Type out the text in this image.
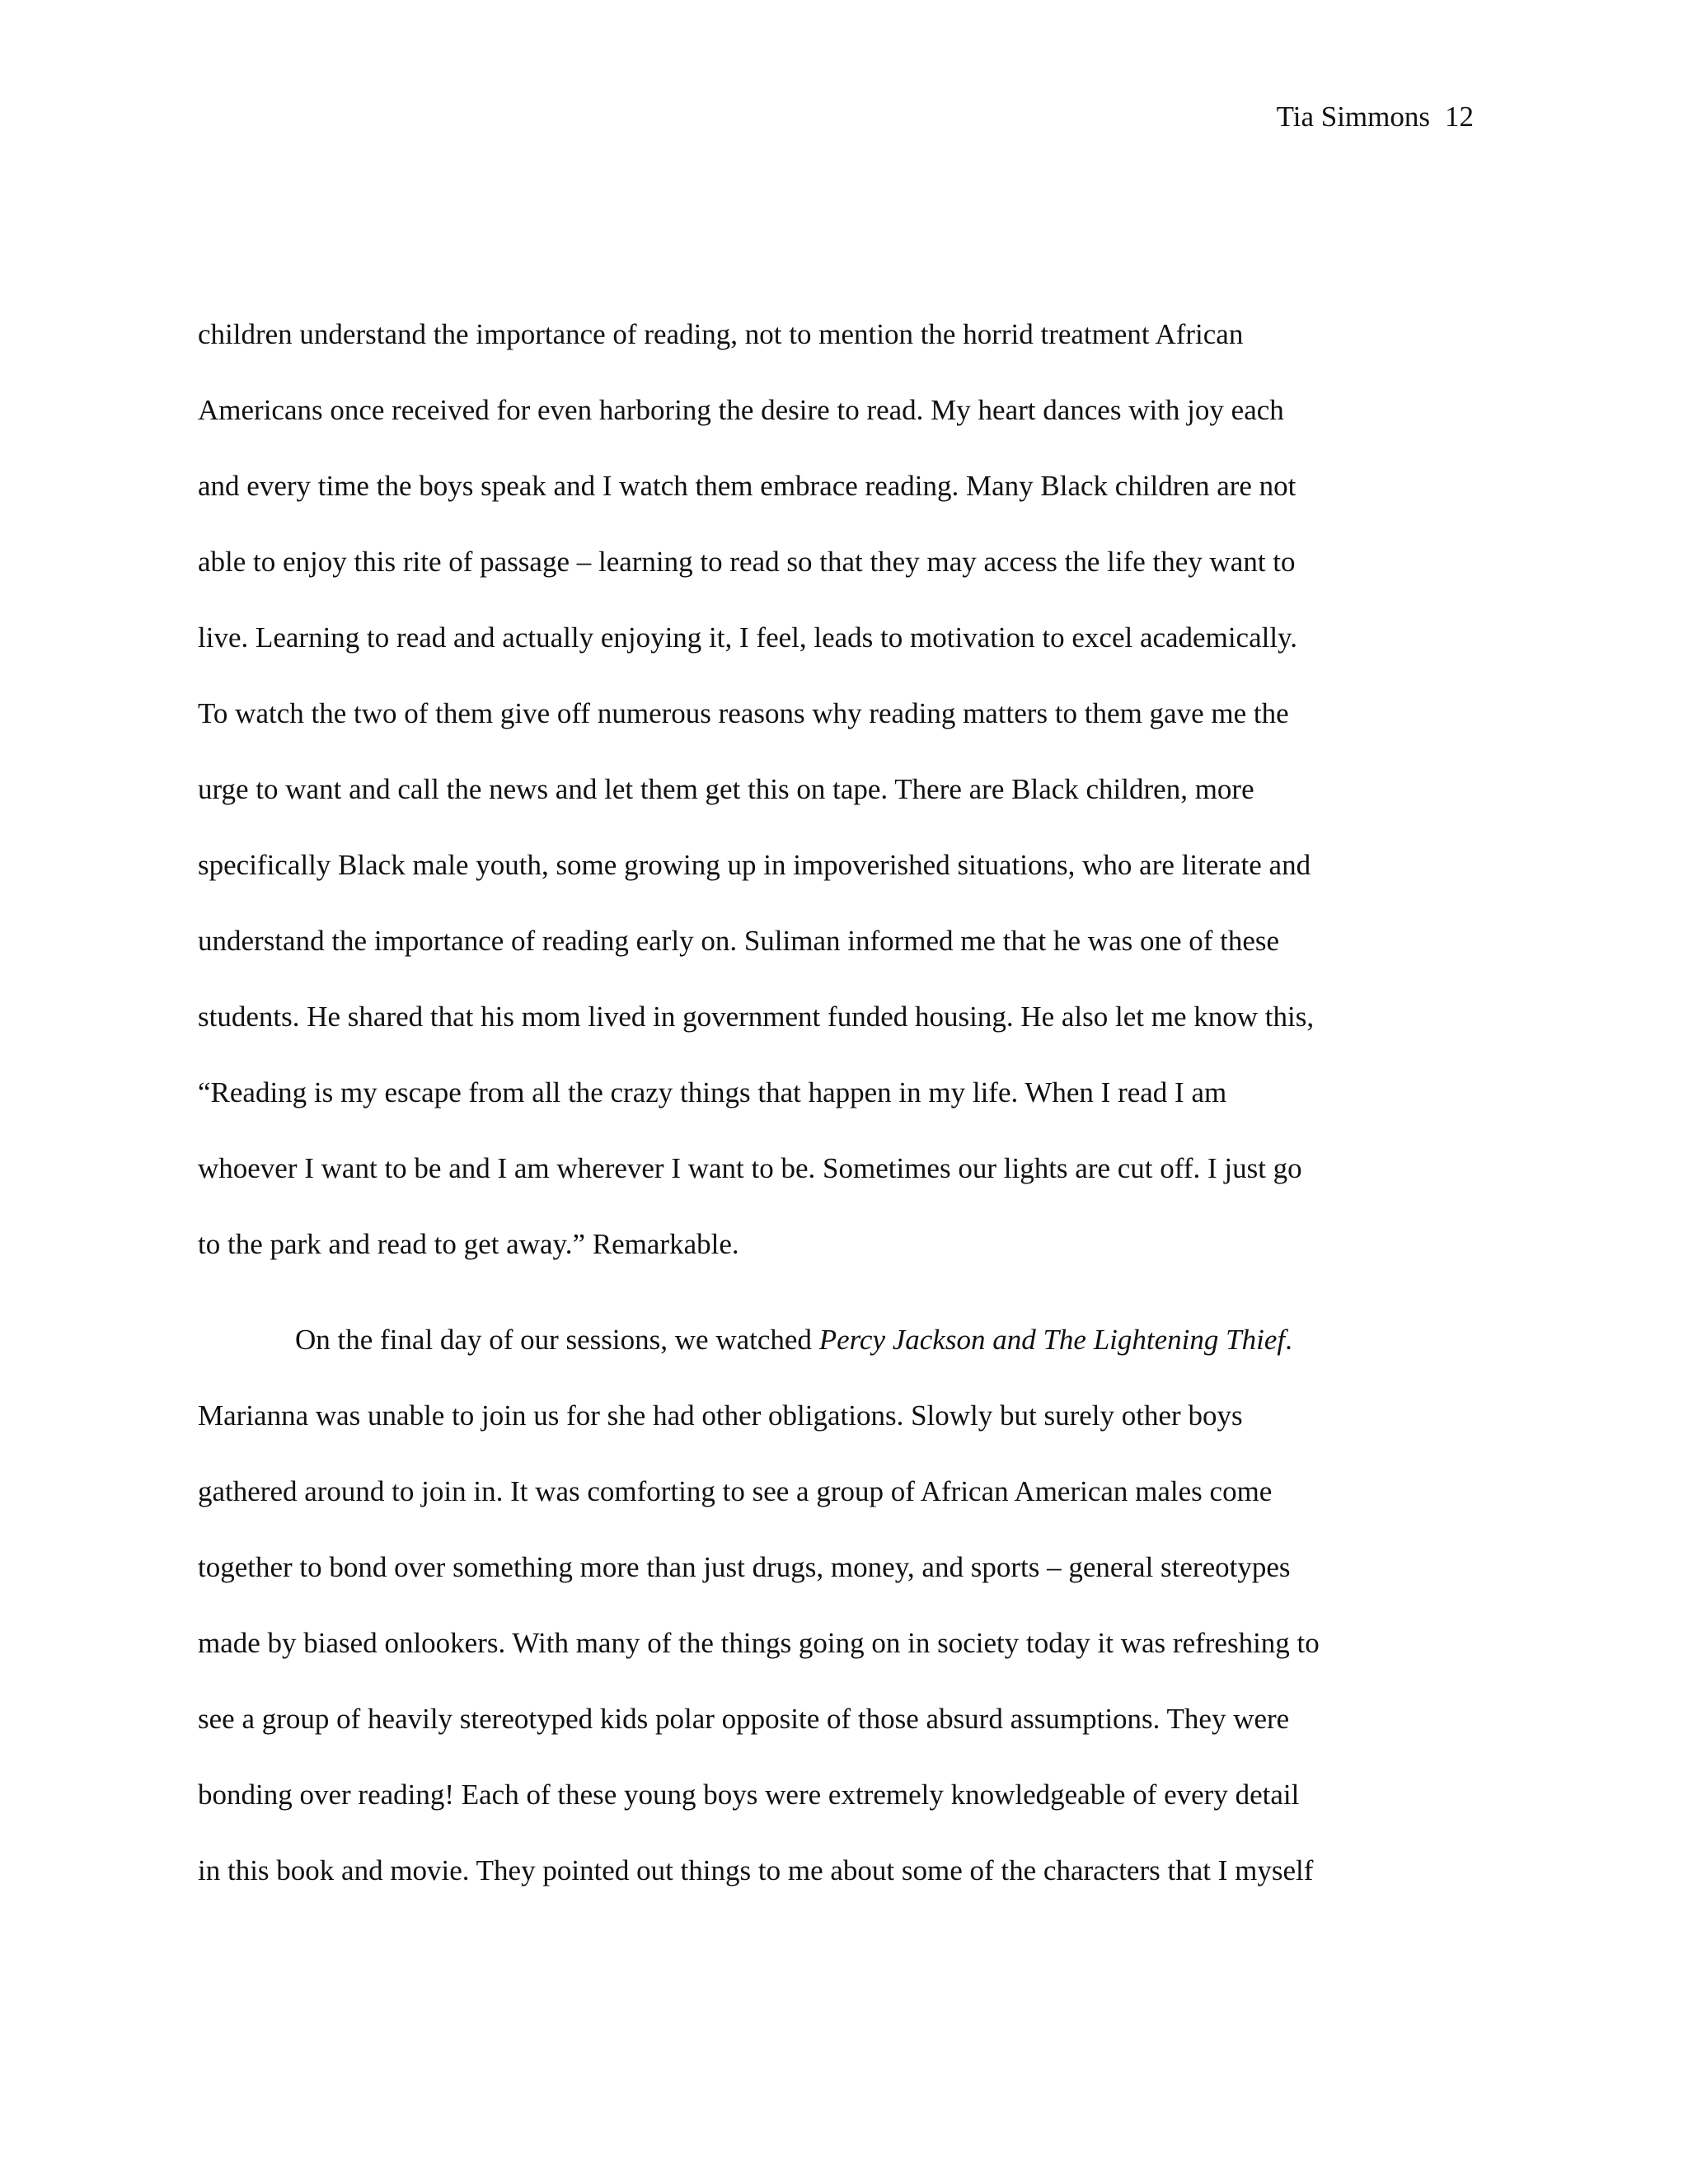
Tia Simmons 12
children understand the importance of reading, not to mention the horrid treatment African
Americans once received for even harboring the desire to read. My heart dances with joy each
and every time the boys speak and I watch them embrace reading. Many Black children are not
able to enjoy this rite of passage – learning to read so that they may access the life they want to
live. Learning to read and actually enjoying it, I feel, leads to motivation to excel academically.
To watch the two of them give off numerous reasons why reading matters to them gave me the
urge to want and call the news and let them get this on tape. There are Black children, more
specifically Black male youth, some growing up in impoverished situations, who are literate and
understand the importance of reading early on. Suliman informed me that he was one of these
students. He shared that his mom lived in government funded housing. He also let me know this,
“Reading is my escape from all the crazy things that happen in my life. When I read I am
whoever I want to be and I am wherever I want to be. Sometimes our lights are cut off. I just go
to the park and read to get away.” Remarkable.
On the final day of our sessions, we watched Percy Jackson and The Lightening Thief.
Marianna was unable to join us for she had other obligations. Slowly but surely other boys
gathered around to join in. It was comforting to see a group of African American males come
together to bond over something more than just drugs, money, and sports – general stereotypes
made by biased onlookers. With many of the things going on in society today it was refreshing to
see a group of heavily stereotyped kids polar opposite of those absurd assumptions. They were
bonding over reading! Each of these young boys were extremely knowledgeable of every detail
in this book and movie. They pointed out things to me about some of the characters that I myself
